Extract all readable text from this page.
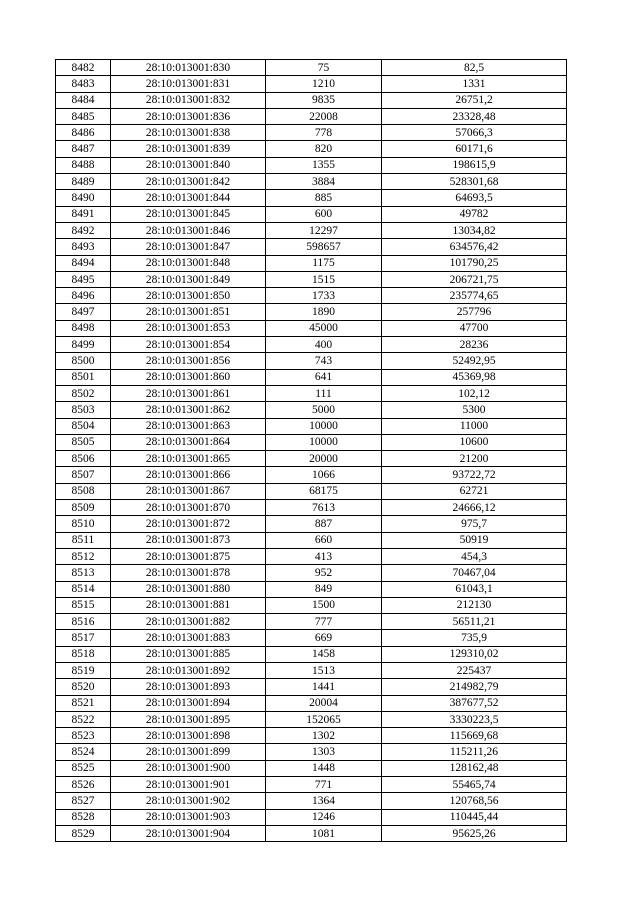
8482	28:10:013001:830	75	82,5
8483	28:10:013001:831	1210	1331
8484	28:10:013001:832	9835	26751,2
8485	28:10:013001:836	22008	23328,48
8486	28:10:013001:838	778	57066,3
8487	28:10:013001:839	820	60171,6
8488	28:10:013001:840	1355	198615,9
8489	28:10:013001:842	3884	528301,68
8490	28:10:013001:844	885	64693,5
8491	28:10:013001:845	600	49782
8492	28:10:013001:846	12297	13034,82
8493	28:10:013001:847	598657	634576,42
8494	28:10:013001:848	1175	101790,25
8495	28:10:013001:849	1515	206721,75
8496	28:10:013001:850	1733	235774,65
8497	28:10:013001:851	1890	257796
8498	28:10:013001:853	45000	47700
8499	28:10:013001:854	400	28236
8500	28:10:013001:856	743	52492,95
8501	28:10:013001:860	641	45369,98
8502	28:10:013001:861	111	102,12
8503	28:10:013001:862	5000	5300
8504	28:10:013001:863	10000	11000
8505	28:10:013001:864	10000	10600
8506	28:10:013001:865	20000	21200
8507	28:10:013001:866	1066	93722,72
8508	28:10:013001:867	68175	62721
8509	28:10:013001:870	7613	24666,12
8510	28:10:013001:872	887	975,7
8511	28:10:013001:873	660	50919
8512	28:10:013001:875	413	454,3
8513	28:10:013001:878	952	70467,04
8514	28:10:013001:880	849	61043,1
8515	28:10:013001:881	1500	212130
8516	28:10:013001:882	777	56511,21
8517	28:10:013001:883	669	735,9
8518	28:10:013001:885	1458	129310,02
8519	28:10:013001:892	1513	225437
8520	28:10:013001:893	1441	214982,79
8521	28:10:013001:894	20004	387677,52
8522	28:10:013001:895	152065	3330223,5
8523	28:10:013001:898	1302	115669,68
8524	28:10:013001:899	1303	115211,26
8525	28:10:013001:900	1448	128162,48
8526	28:10:013001:901	771	55465,74
8527	28:10:013001:902	1364	120768,56
8528	28:10:013001:903	1246	110445,44
8529	28:10:013001:904	1081	95625,26
